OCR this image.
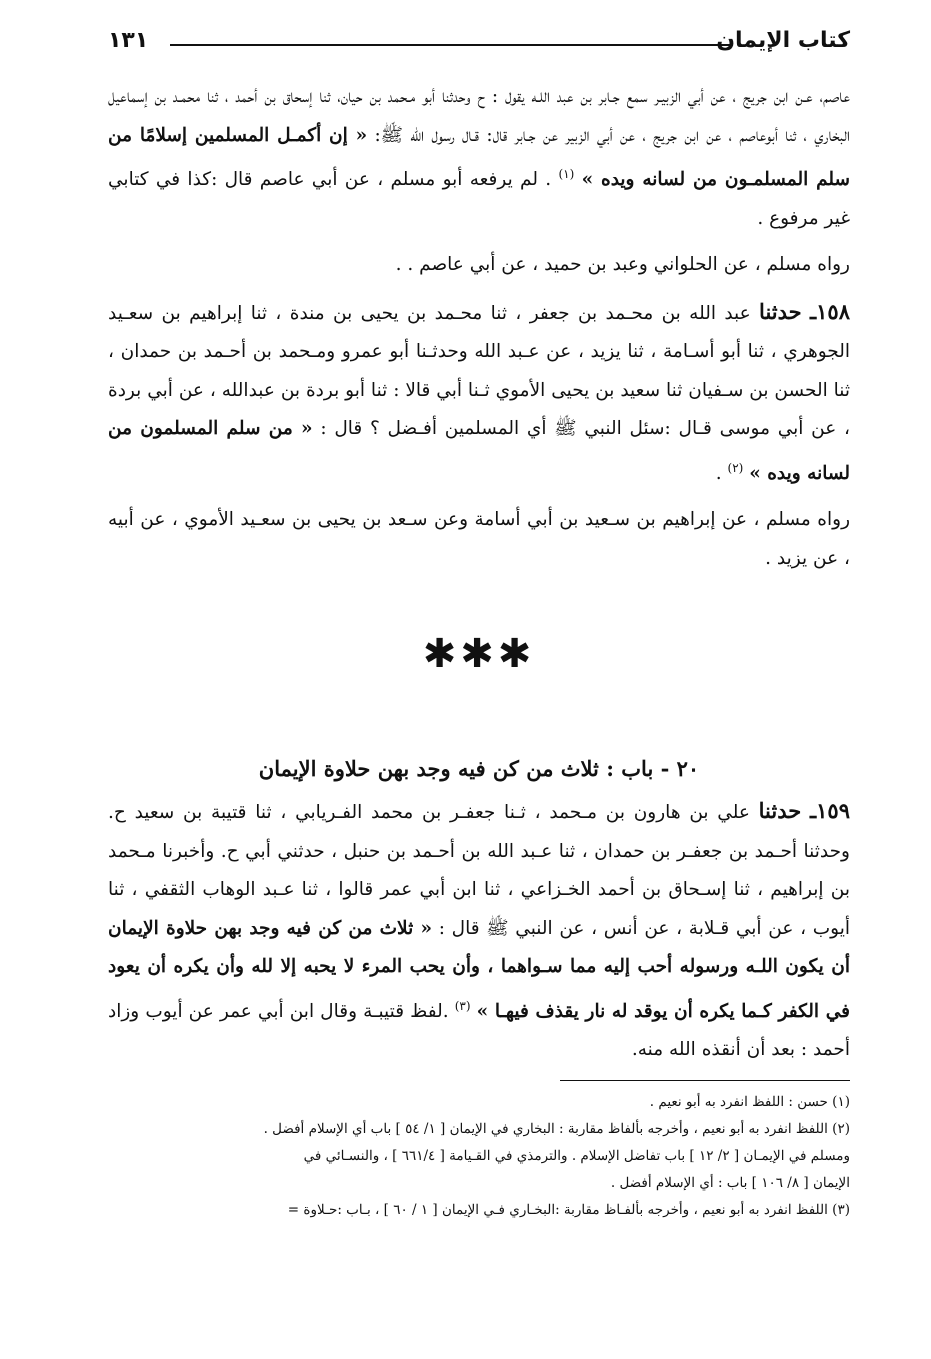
كتاب الإيمان
١٣١

عاصم، عـن ابن جريج ، عن أبي الزبيـر سمع جـابر بن عبد اللـه يقول : ح وحدثنا أبو مـحمد بن حيان، ثنا إسحاق بن أحمد ، ثنا محمـد بن إسماعيل البخاري ، ثنا أبوعاصم ، عن ابن جريج ، عن أبي الزبير عن جـابر قال: قـال رسول الله ﷺ: « إن أكمـل المسلمين إسلامًا من سلم المسلمـون من لسانه ويده » $^{(١)}$ . لم يرفعه أبو مسلم ، عن أبي عاصم قال :كذا في كتابي غير مرفوع .

رواه مسلم ، عن الحلواني وعبد بن حميد ، عن أبي عاصم . .

١٥٨ـ حدثنا عبد الله بن محـمد بن جعفر ، ثنا محـمد بن يحيى بن مندة ، ثنا إبراهيم بن سعـيد الجوهري ، ثنا أبو أسـامة ، ثنا يزيد ، عن عـبد الله وحدثـنا أبو عمرو ومـحمد بن أحـمد بن حمدان ، ثنا الحسن بن سـفيان ثنا سعيد بن يحيى الأموي ثـنا أبي قالا : ثنا أبو بردة بن عبدالله ، عن أبي بردة ، عن أبي موسى قـال :سئل النبي ﷺ أي المسلمين أفـضل ؟ قال : « من سلم المسلمون من لسانه ويده » $^{(٢)}$ .

رواه مسلم ، عن إبراهيم بن سـعيد بن أبي أسامة وعن سـعد بن يحيى بن سعـيد الأموي ، عن أبيه ، عن يزيد .

✱✱✱
٢٠ - باب : ثلاث من كن فيه وجد بهن حلاوة الإيمان

١٥٩ـ حدثنا علي بن هارون بن مـحمد ، ثـنا جعفـر بن محمد الفـريابي ، ثنا قتيبة بن سعيد ح. وحدثنا أحـمد بن جعفـر بن حمدان ، ثنا عـبد الله بن أحـمد بن حنبل ، حدثني أبي ح. وأخبرنا مـحمد بن إبراهيم ، ثنا إسـحاق بن أحمد الخـزاعي ، ثنا ابن أبي عمر قالوا ، ثنا عـبد الوهاب الثقفي ، ثنا أيوب ، عن أبي قـلابة ، عن أنس ، عن النبي ﷺ قال : « ثلاث من كن فيه وجد بهن حلاوة الإيمان أن يكون اللـه ورسوله أحب إليه مما سـواهما ، وأن يحب المرء لا يحبه إلا لله وأن يكره أن يعود في الكفر كـما يكره أن يوقد له نار يقذف فيهـا » $^{(٣)}$ .لفظ قتيبـة وقال ابن أبي عمر عن أيوب وزاد أحمد : بعد أن أنقذه الله منه.

(١) حسن : اللفظ انفرد به أبو نعيم .

(٢) اللفظ انفرد به أبو نعيم ، وأخرجه بألفاظ مقاربة : البخاري في الإيمان [ ١/ ٥٤ ] باب أي الإسلام أفضل .

ومسلم في الإيمـان [ ٢/ ١٢ ] باب تفاضل الإسلام . والترمذي في القـيامة [ ٦٦١/٤ ] ، والنسـائي في

الإيمان [ ٨/ ١٠٦ ] باب : أي الإسلام أفضل .

(٣) اللفظ انفرد به أبو نعيم ، وأخرجه بألفـاظ مقاربة :البخـاري فـي الإيمان [ ١ / ٦٠ ] ، بـاب :حـلاوة =
